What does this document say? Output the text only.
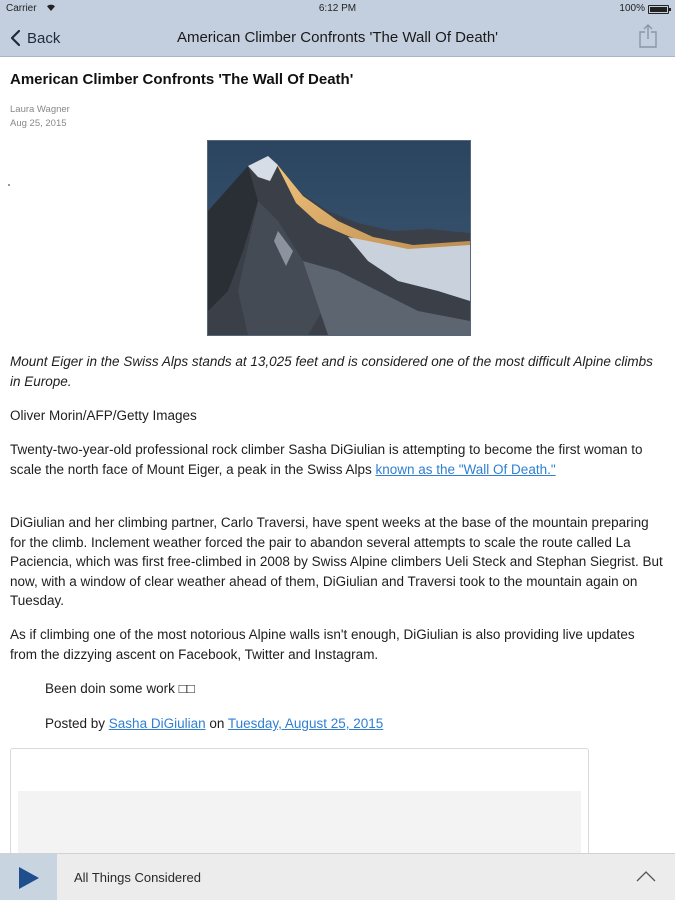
Carrier	6:12 PM	100%
Back	American Climber Confronts 'The Wall Of Death'
American Climber Confronts 'The Wall Of Death'
Laura Wagner
Aug 25, 2015
Mount Eiger in the Swiss Alps stands at 13,025 feet and is considered one of the most difficult Alpine climbs in Europe.
Oliver Morin/AFP/Getty Images
Twenty-two-year-old professional rock climber Sasha DiGiulian is attempting to become the first woman to scale the north face of Mount Eiger, a peak in the Swiss Alps known as the "Wall Of Death."
DiGiulian and her climbing partner, Carlo Traversi, have spent weeks at the base of the mountain preparing for the climb. Inclement weather forced the pair to abandon several attempts to scale the route called La Paciencia, which was first free-climbed in 2008 by Swiss Alpine climbers Ueli Steck and Stephan Siegrist. But now, with a window of clear weather ahead of them, DiGiulian and Traversi took to the mountain again on Tuesday.
As if climbing one of the most notorious Alpine walls isn't enough, DiGiulian is also providing live updates from the dizzying ascent on Facebook, Twitter and Instagram.
Been doin some work □□
Posted by Sasha DiGiulian on Tuesday, August 25, 2015
All Things Considered
